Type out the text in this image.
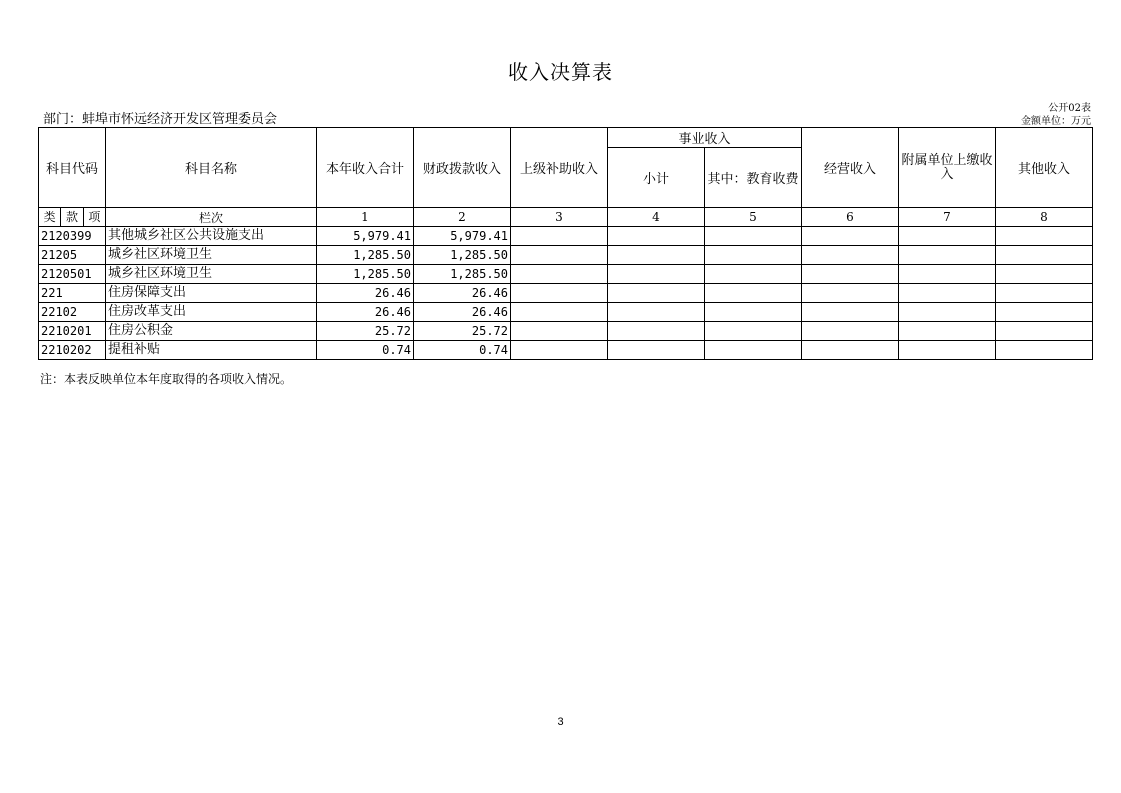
收入决算表
部门：蚌埠市怀远经济开发区管理委员会
公开02表
金额单位：万元
科目代码	科目名称	本年收入合计	财政拨款收入	上级补助收入	事业收入		经营收入	附属单位上缴收入	其他收入
					小计	其中：教育收费			

类 款 项	栏次	1	2	3	4	5	6	7	8
2120399	其他城乡社区公共设施支出	5,979.41	5,979.41						
21205	城乡社区环境卫生	1,285.50	1,285.50						
2120501	城乡社区环境卫生	1,285.50	1,285.50						
221	住房保障支出	26.46	26.46						
22102	住房改革支出	26.46	26.46						
2210201	住房公积金	25.72	25.72						
2210202	提租补贴	0.74	0.74						
注：本表反映单位本年度取得的各项收入情况。
3
